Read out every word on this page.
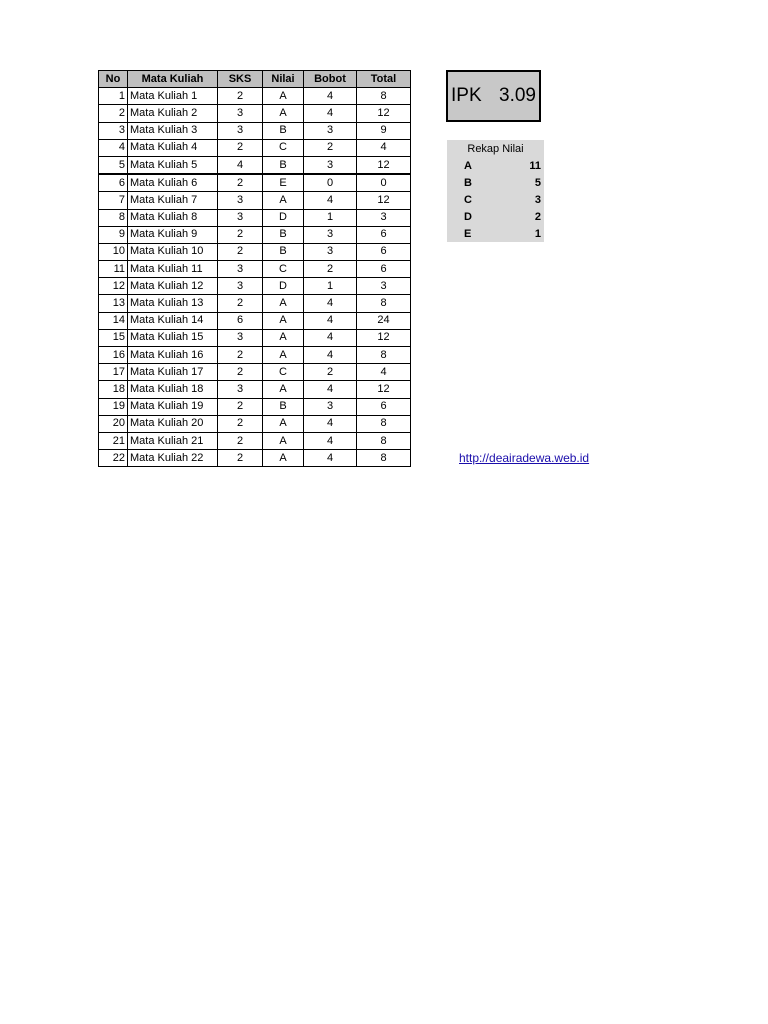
No	Mata Kuliah	SKS	Nilai	Bobot	Total
1	Mata Kuliah 1	2	A	4	8
2	Mata Kuliah 2	3	A	4	12
3	Mata Kuliah 3	3	B	3	9
4	Mata Kuliah 4	2	C	2	4
5	Mata Kuliah 5	4	B	3	12
6	Mata Kuliah 6	2	E	0	0
7	Mata Kuliah 7	3	A	4	12
8	Mata Kuliah 8	3	D	1	3
9	Mata Kuliah 9	2	B	3	6
10	Mata Kuliah 10	2	B	3	6
11	Mata Kuliah 11	3	C	2	6
12	Mata Kuliah 12	3	D	1	3
13	Mata Kuliah 13	2	A	4	8
14	Mata Kuliah 14	6	A	4	24
15	Mata Kuliah 15	3	A	4	12
16	Mata Kuliah 16	2	A	4	8
17	Mata Kuliah 17	2	C	2	4
18	Mata Kuliah 18	3	A	4	12
19	Mata Kuliah 19	2	B	3	6
20	Mata Kuliah 20	2	A	4	8
21	Mata Kuliah 21	2	A	4	8
22	Mata Kuliah 22	2	A	4	8
IPK 3.09
Rekap Nilai	
A	11
B	5
C	3
D	2
E	1
http://deairadewa.web.id
